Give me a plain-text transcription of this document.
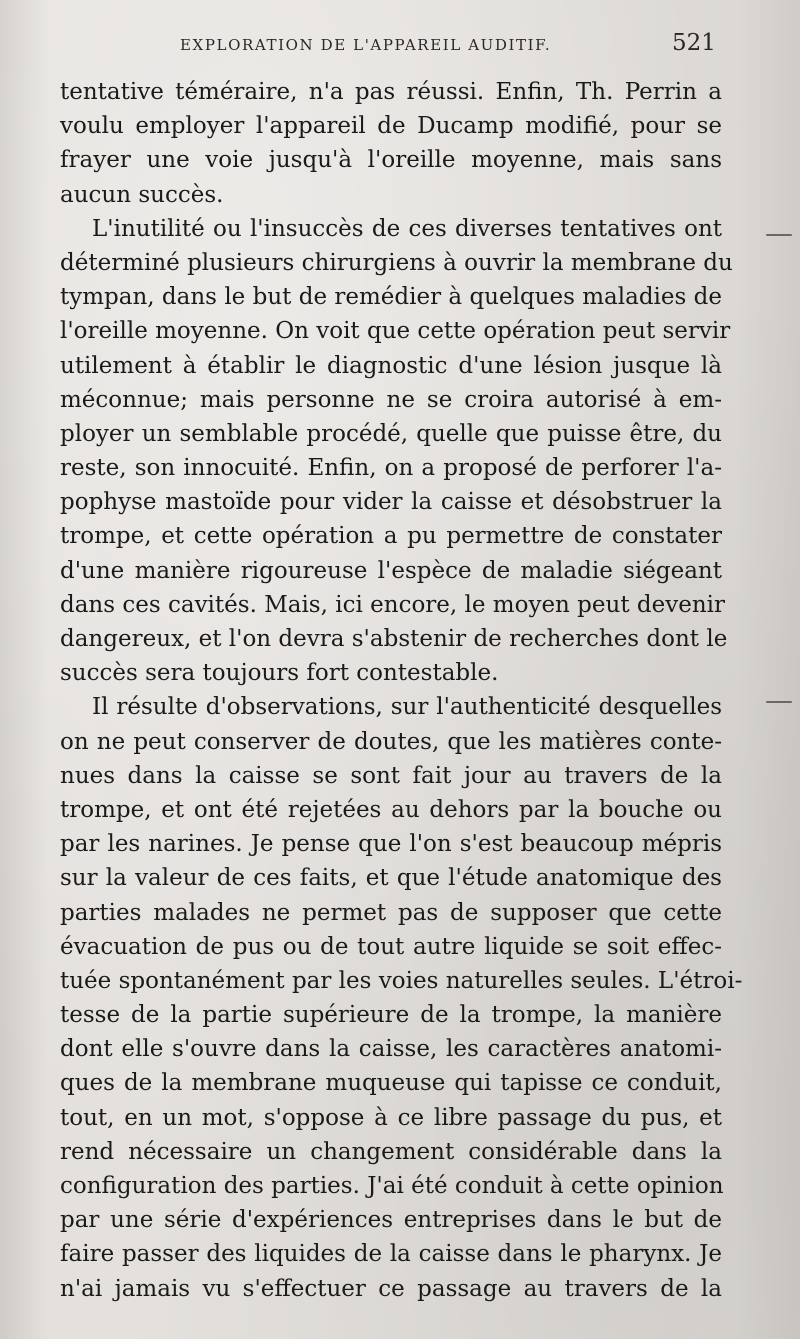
EXPLORATION DE L'APPAREIL AUDITIF.	521
tentative téméraire, n'a pas réussi. Enfin, Th. Perrin a
voulu employer l'appareil de Ducamp modifié, pour se
frayer une voie jusqu'à l'oreille moyenne, mais sans
aucun succès.
L'inutilité ou l'insuccès de ces diverses tentatives ont
déterminé plusieurs chirurgiens à ouvrir la membrane du
tympan, dans le but de remédier à quelques maladies de
l'oreille moyenne. On voit que cette opération peut servir
utilement à établir le diagnostic d'une lésion jusque là
méconnue; mais personne ne se croira autorisé à em-
ployer un semblable procédé, quelle que puisse être, du
reste, son innocuité. Enfin, on a proposé de perforer l'a-
pophyse mastoïde pour vider la caisse et désobstruer la
trompe, et cette opération a pu permettre de constater
d'une manière rigoureuse l'espèce de maladie siégeant
dans ces cavités. Mais, ici encore, le moyen peut devenir
dangereux, et l'on devra s'abstenir de recherches dont le
succès sera toujours fort contestable.
Il résulte d'observations, sur l'authenticité desquelles
on ne peut conserver de doutes, que les matières conte-
nues dans la caisse se sont fait jour au travers de la
trompe, et ont été rejetées au dehors par la bouche ou
par les narines. Je pense que l'on s'est beaucoup mépris
sur la valeur de ces faits, et que l'étude anatomique des
parties malades ne permet pas de supposer que cette
évacuation de pus ou de tout autre liquide se soit effec-
tuée spontanément par les voies naturelles seules. L'étroi-
tesse de la partie supérieure de la trompe, la manière
dont elle s'ouvre dans la caisse, les caractères anatomi-
ques de la membrane muqueuse qui tapisse ce conduit,
tout, en un mot, s'oppose à ce libre passage du pus, et
rend nécessaire un changement considérable dans la
configuration des parties. J'ai été conduit à cette opinion
par une série d'expériences entreprises dans le but de
faire passer des liquides de la caisse dans le pharynx. Je
n'ai jamais vu s'effectuer ce passage au travers de la
